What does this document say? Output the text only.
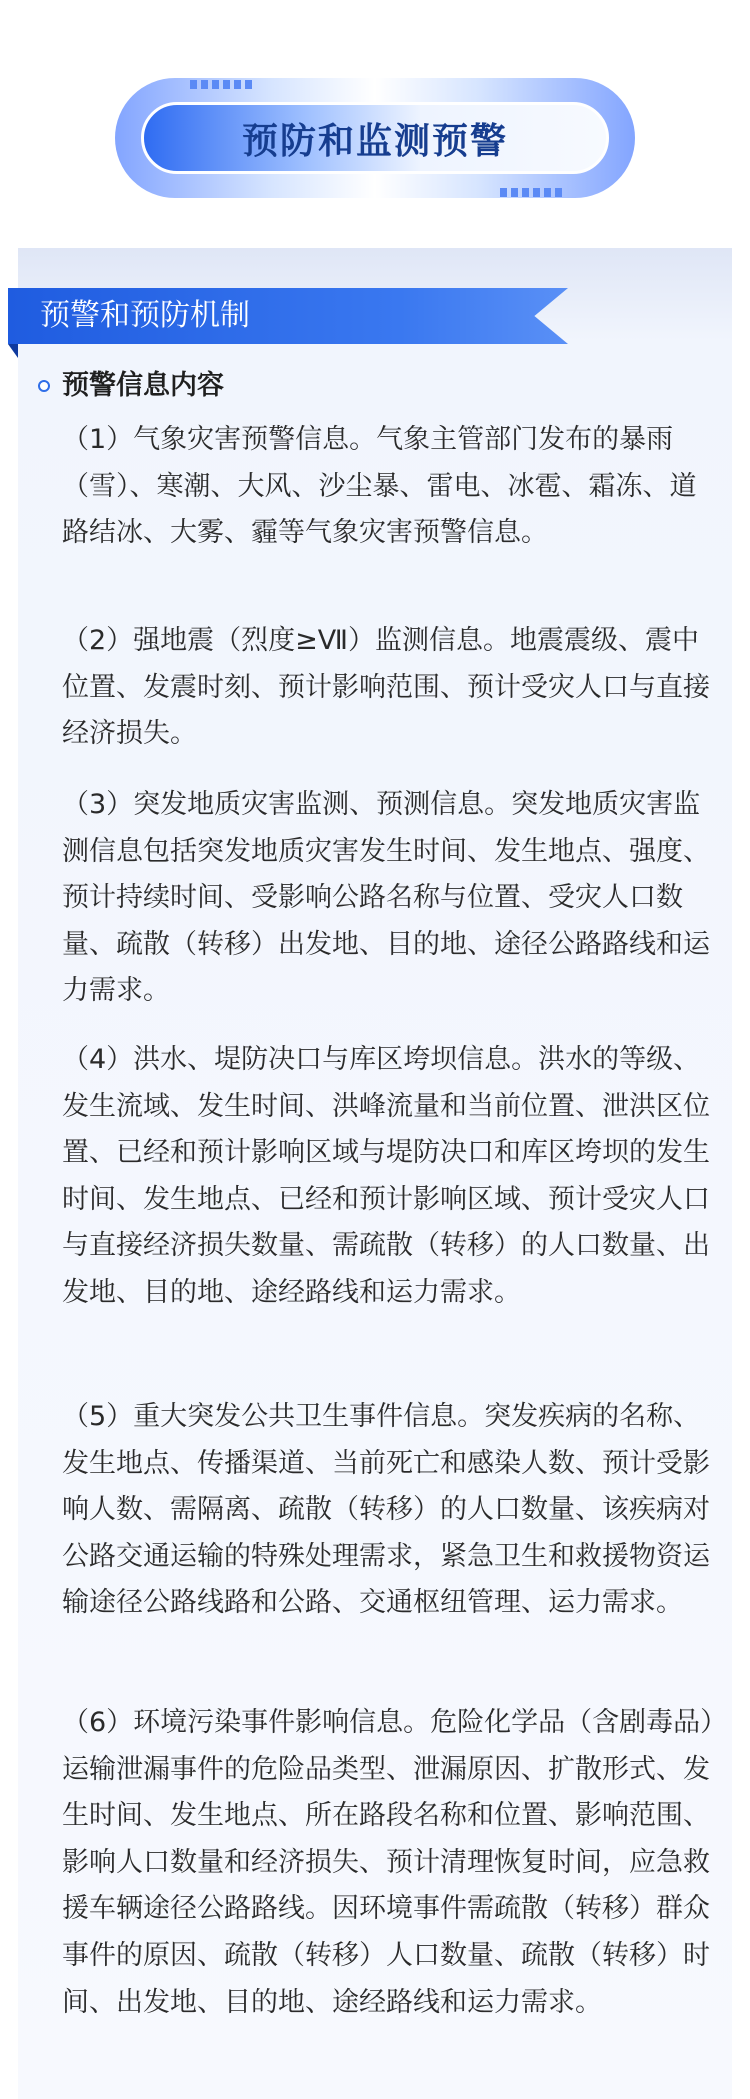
预防和监测预警
预警和预防机制
预警信息内容

（1）气象灾害预警信息。气象主管部门发布的暴雨（雪）、寒潮、大风、沙尘暴、雷电、冰雹、霜冻、道路结冰、大雾、霾等气象灾害预警信息。

（2）强地震（烈度≥Ⅶ）监测信息。地震震级、震中位置、发震时刻、预计影响范围、预计受灾人口与直接经济损失。

（3）突发地质灾害监测、预测信息。突发地质灾害监测信息包括突发地质灾害发生时间、发生地点、强度、预计持续时间、受影响公路名称与位置、受灾人口数量、疏散（转移）出发地、目的地、途径公路路线和运力需求。

（4）洪水、堤防决口与库区垮坝信息。洪水的等级、发生流域、发生时间、洪峰流量和当前位置、泄洪区位置、已经和预计影响区域与堤防决口和库区垮坝的发生时间、发生地点、已经和预计影响区域、预计受灾人口与直接经济损失数量、需疏散（转移）的人口数量、出发地、目的地、途经路线和运力需求。

（5）重大突发公共卫生事件信息。突发疾病的名称、发生地点、传播渠道、当前死亡和感染人数、预计受影响人数、需隔离、疏散（转移）的人口数量、该疾病对公路交通运输的特殊处理需求，紧急卫生和救援物资运输途径公路线路和公路、交通枢纽管理、运力需求。

（6）环境污染事件影响信息。危险化学品（含剧毒品）运输泄漏事件的危险品类型、泄漏原因、扩散形式、发生时间、发生地点、所在路段名称和位置、影响范围、影响人口数量和经济损失、预计清理恢复时间，应急救援车辆途径公路路线。因环境事件需疏散（转移）群众事件的原因、疏散（转移）人口数量、疏散（转移）时间、出发地、目的地、途经路线和运力需求。
